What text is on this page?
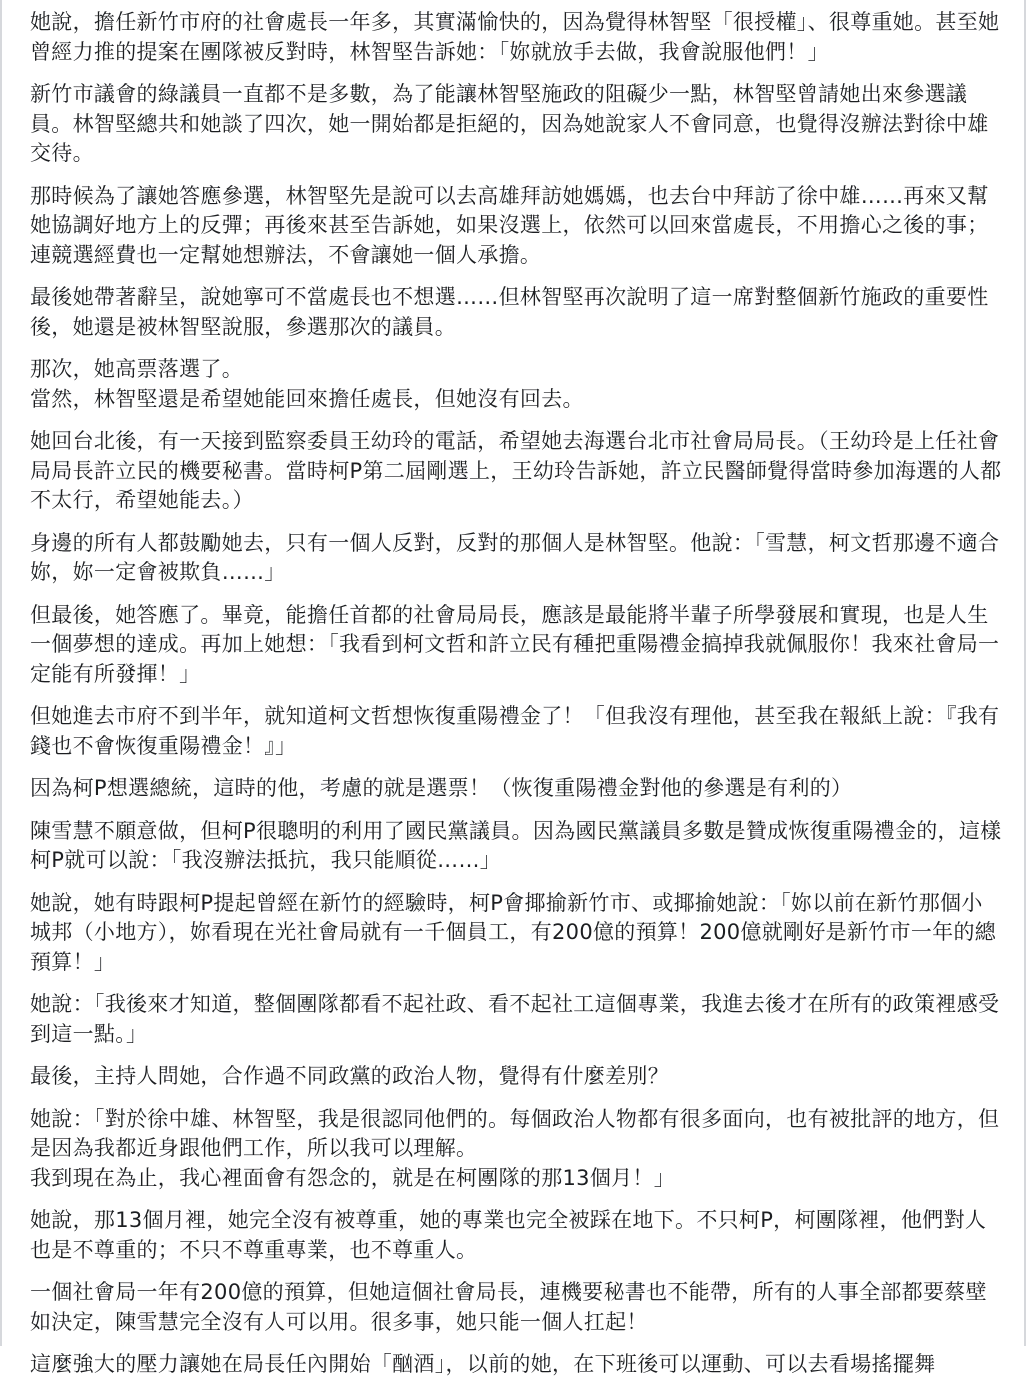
她說，擔任新竹市府的社會處長一年多，其實滿愉快的，因為覺得林智堅「很授權」、很尊重她。甚至她曾經力推的提案在團隊被反對時，林智堅告訴她：「妳就放手去做，我會說服他們！」

新竹市議會的綠議員一直都不是多數，為了能讓林智堅施政的阻礙少一點，林智堅曾請她出來參選議員。林智堅總共和她談了四次，她一開始都是拒絕的，因為她說家人不會同意，也覺得沒辦法對徐中雄交待。

那時候為了讓她答應參選，林智堅先是說可以去高雄拜訪她媽媽，也去台中拜訪了徐中雄……再來又幫她協調好地方上的反彈；再後來甚至告訴她，如果沒選上，依然可以回來當處長，不用擔心之後的事；連競選經費也一定幫她想辦法，不會讓她一個人承擔。

最後她帶著辭呈，說她寧可不當處長也不想選……但林智堅再次說明了這一席對整個新竹施政的重要性後，她還是被林智堅說服，參選那次的議員。

那次，她高票落選了。
當然，林智堅還是希望她能回來擔任處長，但她沒有回去。

她回台北後，有一天接到監察委員王幼玲的電話，希望她去海選台北市社會局局長。（王幼玲是上任社會局局長許立民的機要秘書。當時柯P第二屆剛選上，王幼玲告訴她，許立民醫師覺得當時參加海選的人都不太行，希望她能去。）

身邊的所有人都鼓勵她去，只有一個人反對，反對的那個人是林智堅。他說：「雪慧，柯文哲那邊不適合妳，妳一定會被欺負……」

但最後，她答應了。畢竟，能擔任首都的社會局局長，應該是最能將半輩子所學發展和實現，也是人生一個夢想的達成。再加上她想：「我看到柯文哲和許立民有種把重陽禮金搞掉我就佩服你！我來社會局一定能有所發揮！」

但她進去市府不到半年，就知道柯文哲想恢復重陽禮金了！「但我沒有理他，甚至我在報紙上說：『我有錢也不會恢復重陽禮金！』」

因為柯P想選總統，這時的他，考慮的就是選票！（恢復重陽禮金對他的參選是有利的）

陳雪慧不願意做，但柯P很聰明的利用了國民黨議員。因為國民黨議員多數是贊成恢復重陽禮金的，這樣柯P就可以說：「我沒辦法抵抗，我只能順從……」

她說，她有時跟柯P提起曾經在新竹的經驗時，柯P會揶揄新竹市、或揶揄她說：「妳以前在新竹那個小城邦（小地方），妳看現在光社會局就有一千個員工，有200億的預算！200億就剛好是新竹市一年的總預算！」

她說：「我後來才知道，整個團隊都看不起社政、看不起社工這個專業，我進去後才在所有的政策裡感受到這一點。」

最後，主持人問她，合作過不同政黨的政治人物，覺得有什麼差別？

她說：「對於徐中雄、林智堅，我是很認同他們的。每個政治人物都有很多面向，也有被批評的地方，但是因為我都近身跟他們工作，所以我可以理解。
我到現在為止，我心裡面會有怨念的，就是在柯團隊的那13個月！」

她說，那13個月裡，她完全沒有被尊重，她的專業也完全被踩在地下。不只柯P，柯團隊裡，他們對人也是不尊重的；不只不尊重專業，也不尊重人。

一個社會局一年有200億的預算，但她這個社會局長，連機要秘書也不能帶，所有的人事全部都要蔡壁如決定，陳雪慧完全沒有人可以用。很多事，她只能一個人扛起！

這麼強大的壓力讓她在局長任內開始「酗酒」，以前的她，在下班後可以運動、可以去看場搖擺舞
